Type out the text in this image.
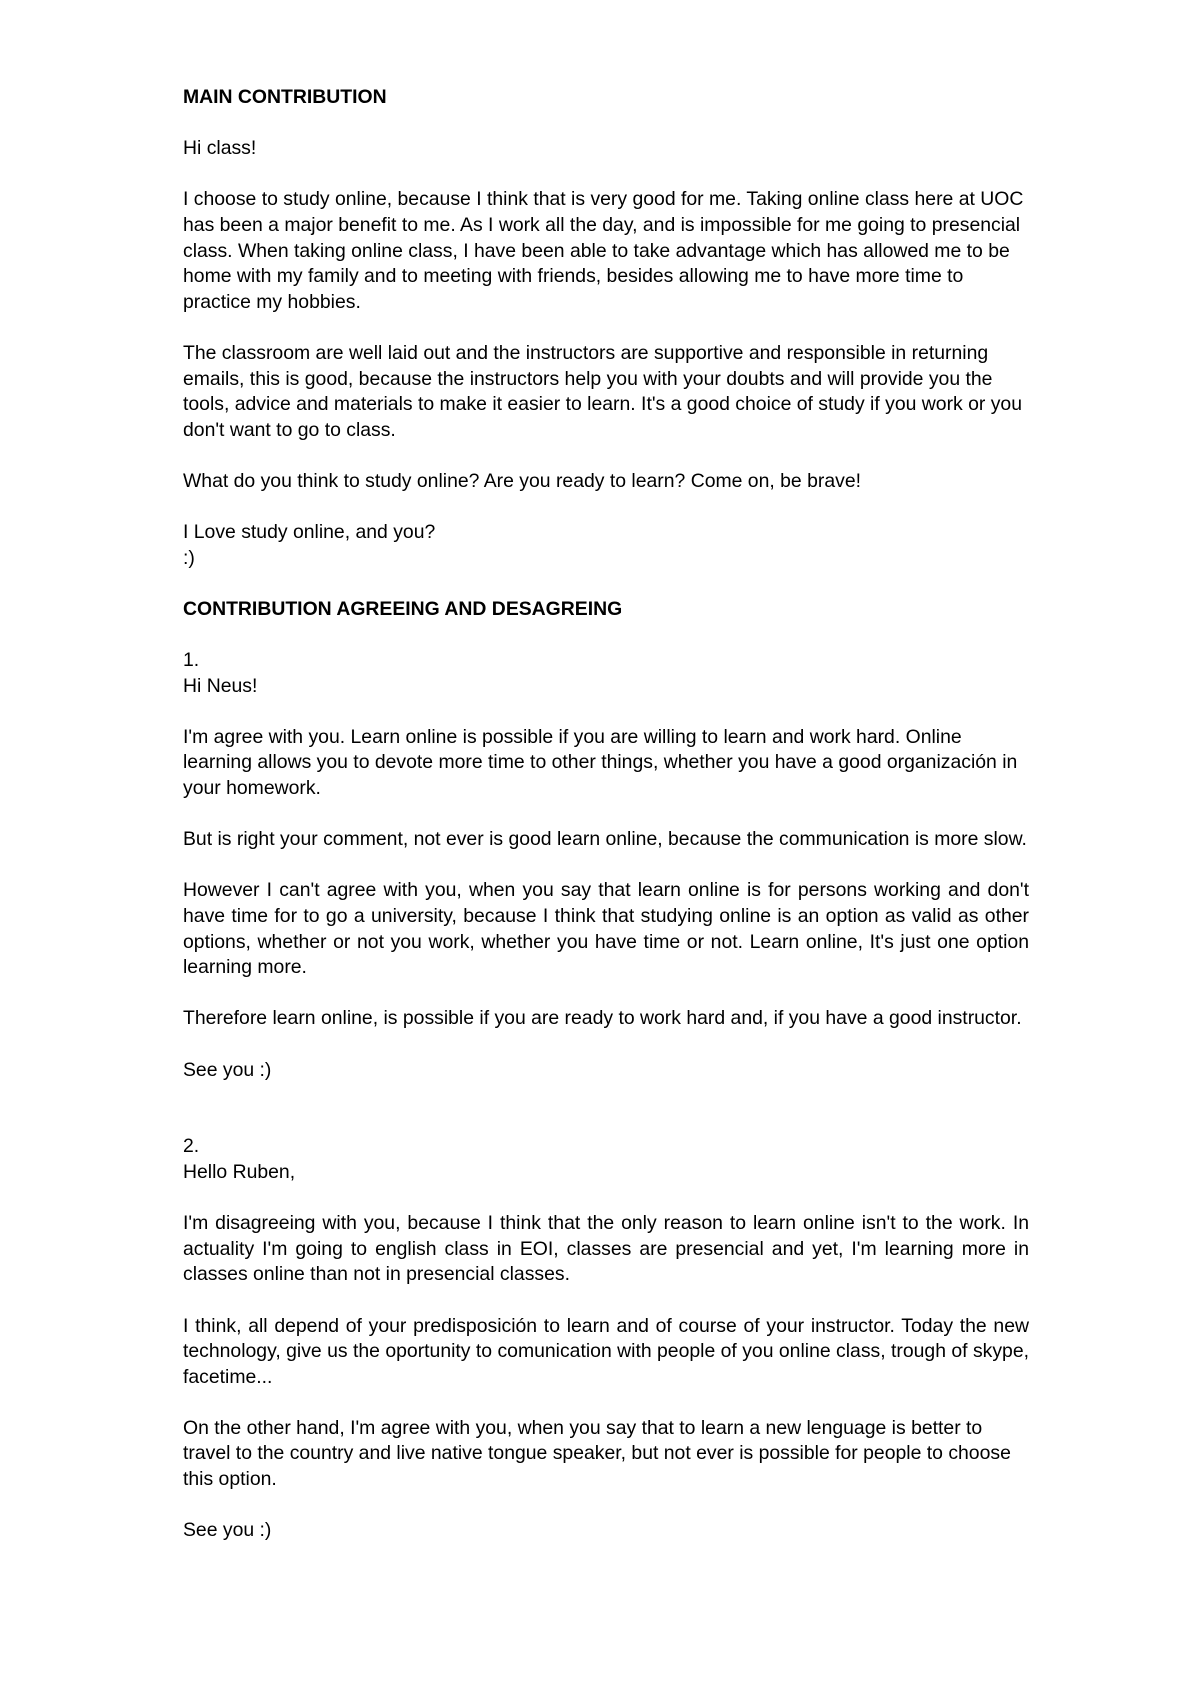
MAIN CONTRIBUTION

Hi class!

I choose to study online, because I think that is very good for me. Taking online class here at UOC has been a major benefit to me. As I work all the day, and is impossible for me going to presencial class. When taking online class, I have been able to take advantage which has allowed me to be home with my family and to meeting with friends, besides allowing me to have more time to practice my hobbies.

The classroom are well laid out and the instructors are supportive and responsible in returning emails, this is good, because the instructors help you with your doubts and will provide you the tools, advice and materials to make it easier to learn. It's a good choice of study if you work or you don't want to go to class.

What do you think to study online? Are you ready to learn? Come on, be brave!

I Love study online, and you?
:)

CONTRIBUTION AGREEING AND DESAGREING

1.
Hi Neus!

I'm agree with you. Learn online is possible if you are willing to learn and work hard. Online learning allows you to devote more time to other things, whether you have a good organización in your homework.

But is right your comment, not ever is good learn online, because the communication is more slow.

However I can't agree with you, when you say that learn online is for persons working and don't have time for to go a university, because I think that studying online is an option as valid as other options, whether or not you work, whether you have time or not. Learn online, It's just one option learning more.

Therefore learn online, is possible if you are ready to work hard and, if you have a good instructor.

See you :)

2.
Hello Ruben,

I'm disagreeing with you, because I think that the only reason to learn online isn't to the work. In actuality I'm going to english class in EOI, classes are presencial and yet, I'm learning more in classes online than not in presencial classes.

I think, all depend of your predisposición to learn and of course of your instructor. Today the new technology, give us the oportunity to comunication with people of you online class, trough of skype, facetime...

On the other hand, I'm agree with you, when you say that to learn a new lenguage is better to travel to the country and live native tongue speaker, but not ever is possible for people to choose this option.

See you :)
